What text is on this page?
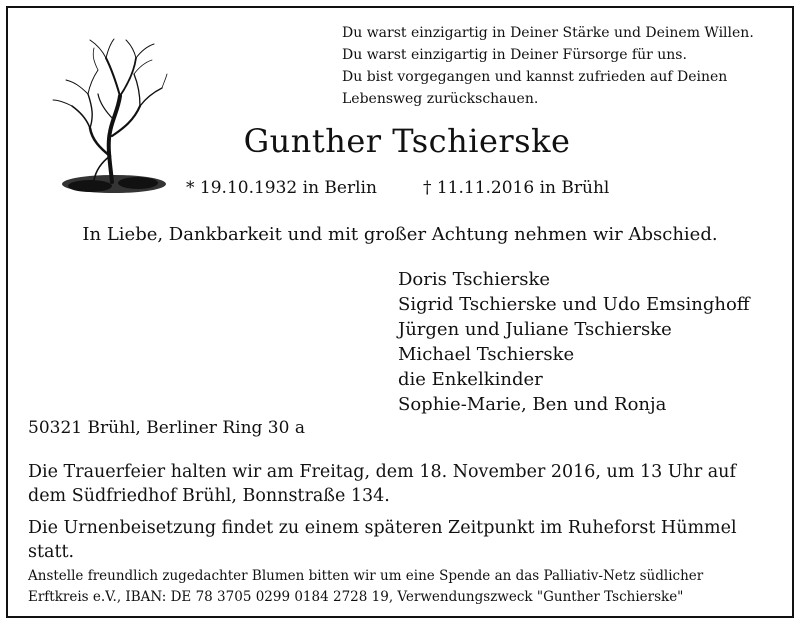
Du warst einzigartig in Deiner Stärke und Deinem Willen.
Du warst einzigartig in Deiner Fürsorge für uns.
Du bist vorgegangen und kannst zufrieden auf Deinen
Lebensweg zurückschauen.
Gunther Tschierske
* 19.10.1932 in Berlin	† 11.11.2016 in Brühl
In Liebe, Dankbarkeit und mit großer Achtung nehmen wir Abschied.
Doris Tschierske
Sigrid Tschierske und Udo Emsinghoff
Jürgen und Juliane Tschierske
Michael Tschierske
die Enkelkinder
Sophie-Marie, Ben und Ronja
50321 Brühl, Berliner Ring 30 a

Die Trauerfeier halten wir am Freitag, dem 18. November 2016, um 13 Uhr auf dem Südfriedhof Brühl, Bonnstraße 134.

Die Urnenbeisetzung findet zu einem späteren Zeitpunkt im Ruheforst Hümmel statt.

Anstelle freundlich zugedachter Blumen bitten wir um eine Spende an das Palliativ-Netz südlicher
Erftkreis e.V., IBAN: DE 78 3705 0299 0184 2728 19, Verwendungszweck "Gunther Tschierske"
